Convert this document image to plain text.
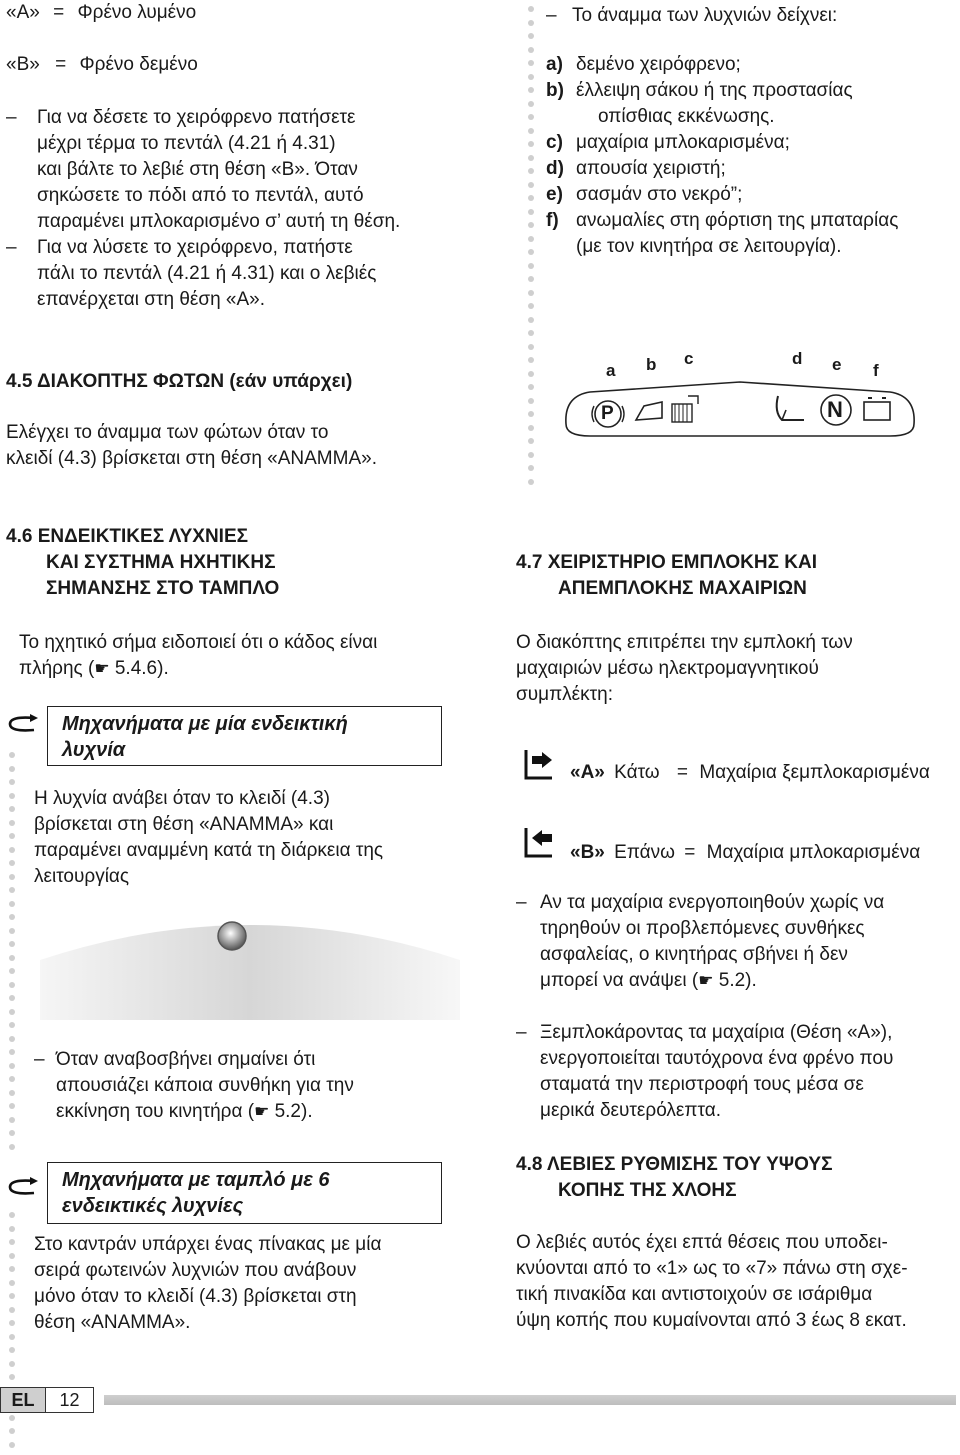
«A» = Φρένο λυμένο
«B» = Φρένο δεμένο
– Για να δέσετε το χειρόφρενο πατήσετε
μέχρι τέρμα το πεντάλ (4.21 ή 4.31)
και βάλτε το λεβιέ στη θέση «Β». Όταν
σηκώσετε το πόδι από το πεντάλ, αυτό
παραμένει μπλοκαρισμένο σ’ αυτή τη θέση.
– Για να λύσετε το χειρόφρενο, πατήστε
πάλι το πεντάλ (4.21 ή 4.31) και ο λεβιές
επανέρχεται στη θέση «Α».
– Το άναμμα των λυχνιών δείχνει:
a) δεμένο χειρόφρενο;
b) έλλειψη σάκου ή της προστασίας
οπίσθιας εκκένωσης.
c) μαχαίρια μπλοκαρισμένα;
d) απουσία χειριστή;
e) σασμάν στο νεκρό”;
f) ανωμαλίες στη φόρτιση της μπαταρίας
(με τον κινητήρα σε λειτουργία).
a b c	d e f
P	N
4.5 ΔΙΑΚΟΠΤΗΣ ΦΩΤΩΝ (εάν υπάρχει)
Ελέγχει το άναμμα των φώτων όταν το
κλειδί (4.3) βρίσκεται στη θέση «ΑΝΑΜΜΑ».
4.6 ΕΝΔΕΙΚΤΙΚΕΣ ΛΥΧΝΙΕΣ
ΚΑΙ ΣΥΣΤΗΜΑ ΗΧΗΤΙΚΗΣ
ΣΗΜΑΝΣΗΣ ΣΤΟ ΤΑΜΠΛΟ
Το ηχητικό σήμα ειδοποιεί ότι ο κάδος είναι
πλήρης (☛ 5.4.6).
Μηχανήματα με μία ενδεικτική
λυχνία
Η λυχνία ανάβει όταν το κλειδί (4.3)
βρίσκεται στη θέση «ΑΝΑΜΜΑ» και
παραμένει αναμμένη κατά τη διάρκεια της
λειτουργίας
– Όταν αναβοσβήνει σημαίνει ότι
απουσιάζει κάποια συνθήκη για την
εκκίνηση του κινητήρα (☛ 5.2).
Μηχανήματα με ταμπλό με 6
ενδεικτικές λυχνίες
Στο καντράν υπάρχει ένας πίνακας με μία
σειρά φωτεινών λυχνιών που ανάβουν
μόνο όταν το κλειδί (4.3) βρίσκεται στη
θέση «ΑΝΑΜΜΑ».
4.7 ΧΕΙΡΙΣΤΗΡΙΟ ΕΜΠΛΟΚΗΣ ΚΑΙ
ΑΠΕΜΠΛΟΚΗΣ ΜΑΧΑΙΡΙΩΝ
Ο διακόπτης επιτρέπει την εμπλοκή των
μαχαιριών μέσω ηλεκτρομαγνητικού
συμπλέκτη:
«A» Κάτω = Μαχαίρια ξεμπλοκαρισμένα
«B» Επάνω = Μαχαίρια μπλοκαρισμένα
– Αν τα μαχαίρια ενεργοποιηθούν χωρίς να
τηρηθούν οι προβλεπόμενες συνθήκες
ασφαλείας, ο κινητήρας σβήνει ή δεν
μπορεί να ανάψει (☛ 5.2).
– Ξεμπλοκάροντας τα μαχαίρια (Θέση «Α»),
ενεργοποιείται ταυτόχρονα ένα φρένο που
σταματά την περιστροφή τους μέσα σε
μερικά δευτερόλεπτα.
4.8 ΛΕΒΙΕΣ ΡΥΘΜΙΣΗΣ ΤΟΥ ΥΨΟΥΣ
ΚΟΠΗΣ ΤΗΣ ΧΛΟΗΣ
Ο λεβιές αυτός έχει επτά θέσεις που υποδει-
κνύονται από το «1» ως το «7» πάνω στη σχε-
τική πινακίδα και αντιστοιχούν σε ισάριθμα
ύψη κοπής που κυμαίνονται από 3 έως 8 εκατ.
EL	12
